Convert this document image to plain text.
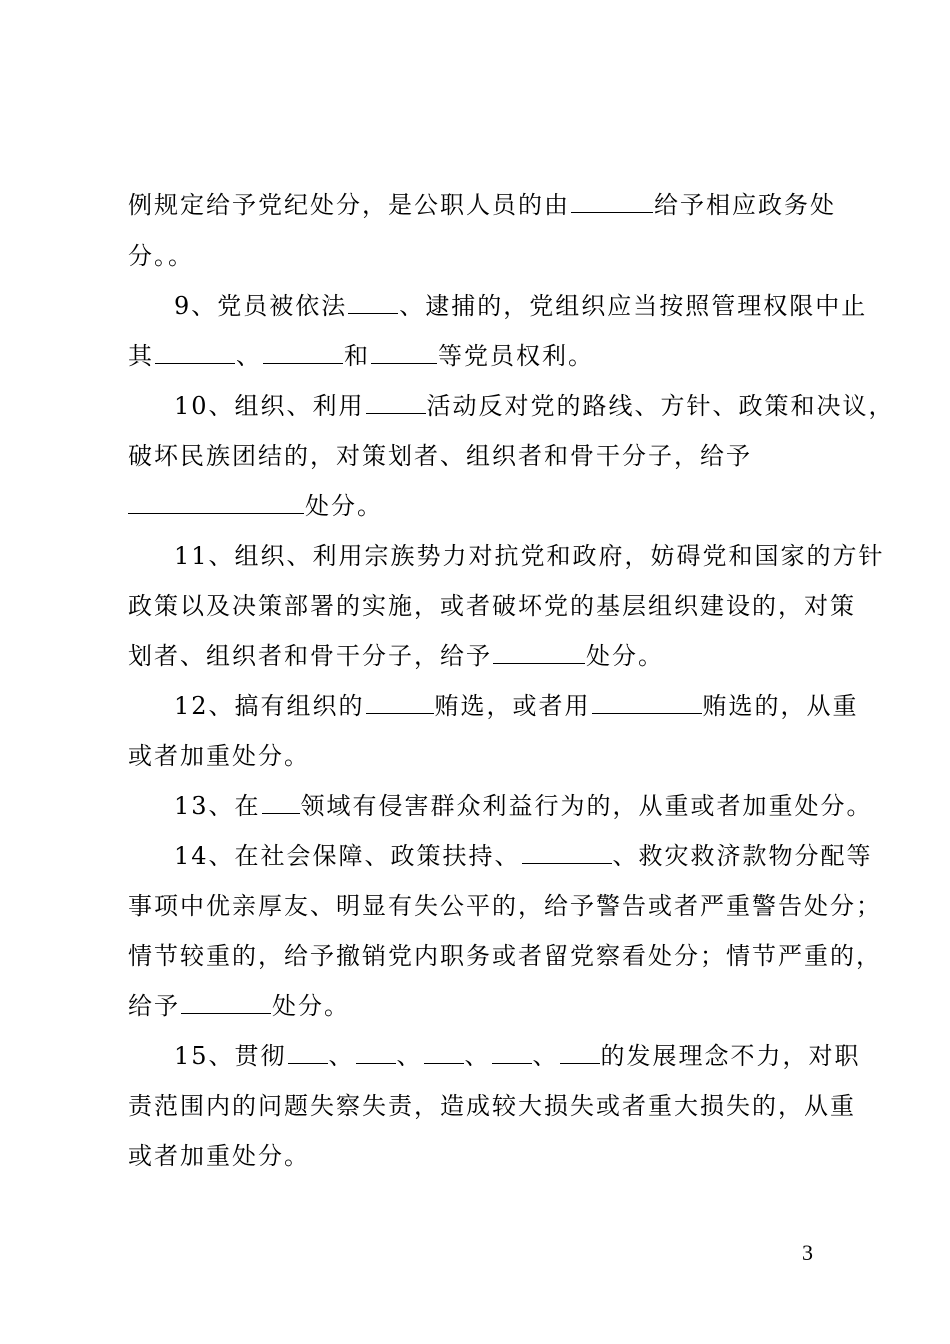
例规定给予党纪处分，是公职人员的由	给予相应政务处
分。。
9、党员被依法 、逮捕的，党组织应当按照管理权限中止
其	、	和	等党员权利。
10、组织、利用	活动反对党的路线、方针、政策和决议，
破坏民族团结的，对策划者、组织者和骨干分子，给予
处分。
11、组织、利用宗族势力对抗党和政府，妨碍党和国家的方针
政策以及决策部署的实施，或者破坏党的基层组织建设的，对策
划者、组织者和骨干分子，给予	处分。
12、搞有组织的	贿选，或者用	贿选的，从重
或者加重处分。
13、在 领域有侵害群众利益行为的，从重或者加重处分。
14、在社会保障、政策扶持、	、救灾救济款物分配等
事项中优亲厚友、明显有失公平的，给予警告或者严重警告处分；
情节较重的，给予撤销党内职务或者留党察看处分；情节严重的，
给予	处分。
15、贯彻 、 、 、 、 的发展理念不力，对职
责范围内的问题失察失责，造成较大损失或者重大损失的，从重
或者加重处分。
3
